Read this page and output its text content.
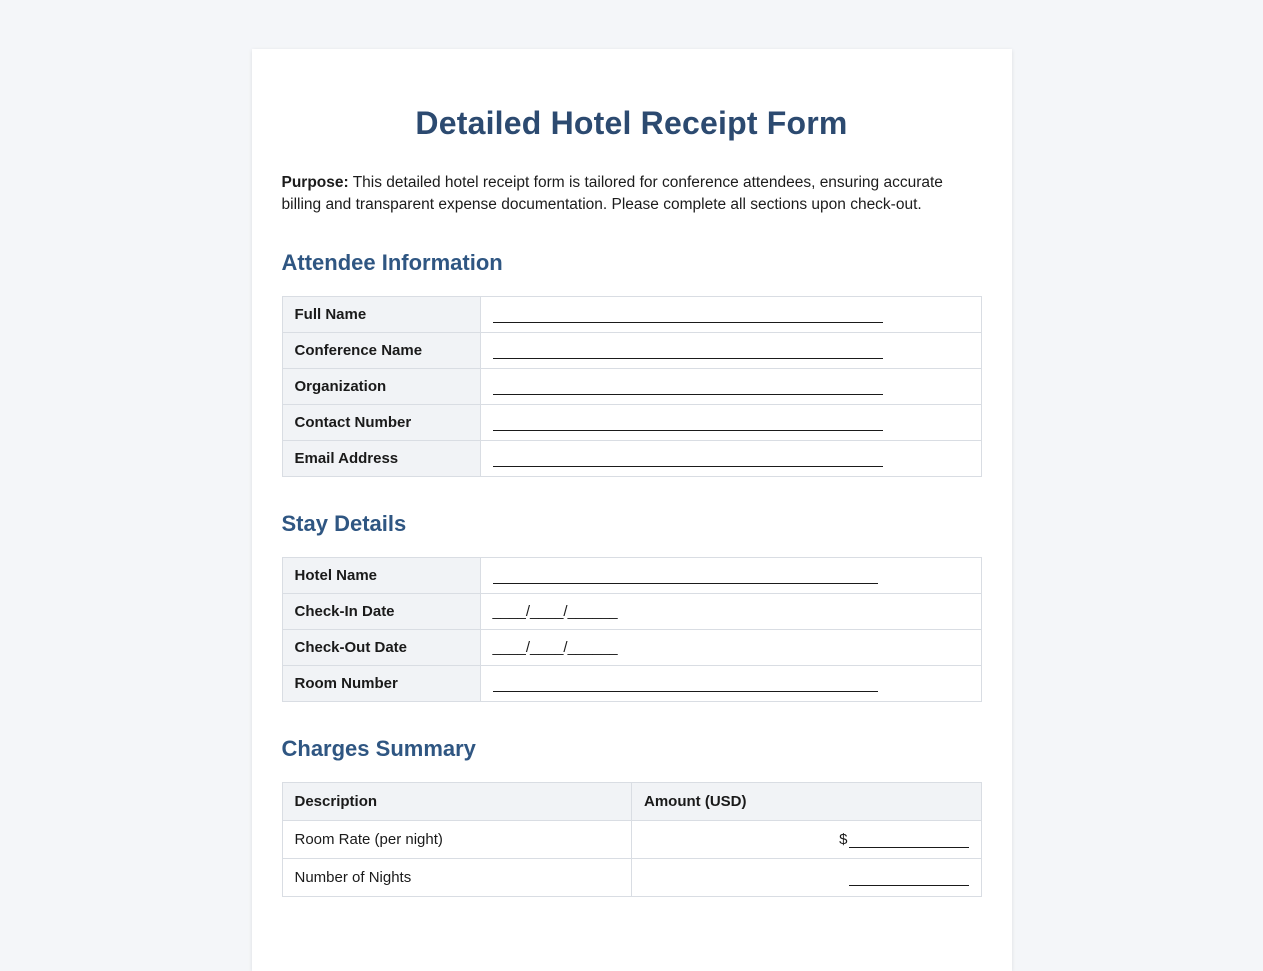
Detailed Hotel Receipt Form

Purpose: This detailed hotel receipt form is tailored for conference attendees, ensuring accurate billing and transparent expense documentation. Please complete all sections upon check-out.

Attendee Information
Full Name	
Conference Name	
Organization	
Contact Number	
Email Address	
Stay Details
Hotel Name	
Check-In Date	____/____/______
Check-Out Date	____/____/______
Room Number	
Charges Summary
Description	Amount (USD)
Room Rate (per night)	$
Number of Nights	
